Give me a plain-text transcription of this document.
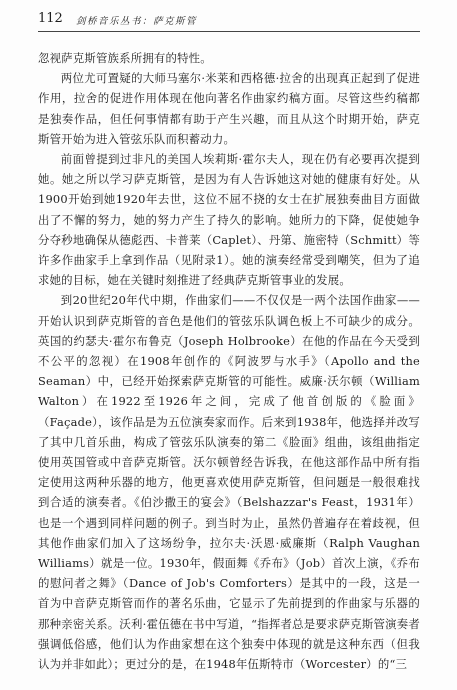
112 剑桥音乐丛书：萨克斯管

忽视萨克斯管族系所拥有的特性。

两位尤可置疑的大师马塞尔·米莱和西格德·拉舍的出现真正起到了促进作用，拉舍的促进作用体现在他向著名作曲家约稿方面。尽管这些约稿都是独奏作品，但任何事情都有助于产生兴趣，而且从这个时期开始，萨克斯管开始为进入管弦乐队而积蓄动力。

前面曾提到过非凡的美国人埃莉斯·霍尔夫人，现在仍有必要再次提到她。她之所以学习萨克斯管，是因为有人告诉她这对她的健康有好处。从1900开始到她1920年去世，这位不屈不挠的女士在扩展独奏曲目方面做出了不懈的努力，她的努力产生了持久的影响。她所力的下降，促使她争分夺秒地确保从德彪西、卡普莱（Caplet）、丹第、施密特（Schmitt）等许多作曲家手上拿到作品（见附录1）。她的演奏经常受到嘲笑，但为了追求她的目标，她在关键时刻推进了经典萨克斯管事业的发展。

到20世纪20年代中期，作曲家们——不仅仅是一两个法国作曲家——开始认识到萨克斯管的音色是他们的管弦乐队调色板上不可缺少的成分。英国的约瑟夫·霍尔布鲁克（Joseph Holbrooke）在他的作品在今天受到不公平的忽视）在1908年创作的《阿波罗与水手》（Apollo and the Seaman）中，已经开始探索萨克斯管的可能性。威廉·沃尔顿（William Walton）在1922至1926年之间，完成了他首创版的《脸面》（Façade），该作品是为五位演奏家而作。后来到1938年，他选择并改写了其中几首乐曲，构成了管弦乐队演奏的第二《脸面》组曲，该组曲指定使用英国管或中音萨克斯管。沃尔顿曾经告诉我，在他这部作品中所有指定使用这两种乐器的地方，他更喜欢使用萨克斯管，但问题是一般很难找到合适的演奏者。《伯沙撒王的宴会》（Belshazzar's Feast，1931年）也是一个遇到同样问题的例子。到当时为止，虽然仍普遍存在着歧视，但其他作曲家们加入了这场纷争，拉尔夫·沃恩·威廉斯（Ralph Vaughan Williams）就是一位。1930年，假面舞《乔布》（Job）首次上演，《乔布的慰问者之舞》（Dance of Job's Comforters）是其中的一段，这是一首为中音萨克斯管而作的著名乐曲，它显示了先前提到的作曲家与乐器的那种亲密关系。沃利·霍伍德在书中写道，“指挥者总是要求萨克斯管演奏者强调低俗感，他们认为作曲家想在这个独奏中体现的就是这种东西（但我认为并非如此）；更过分的是，在1948年伍斯特市（Worcester）的“三
